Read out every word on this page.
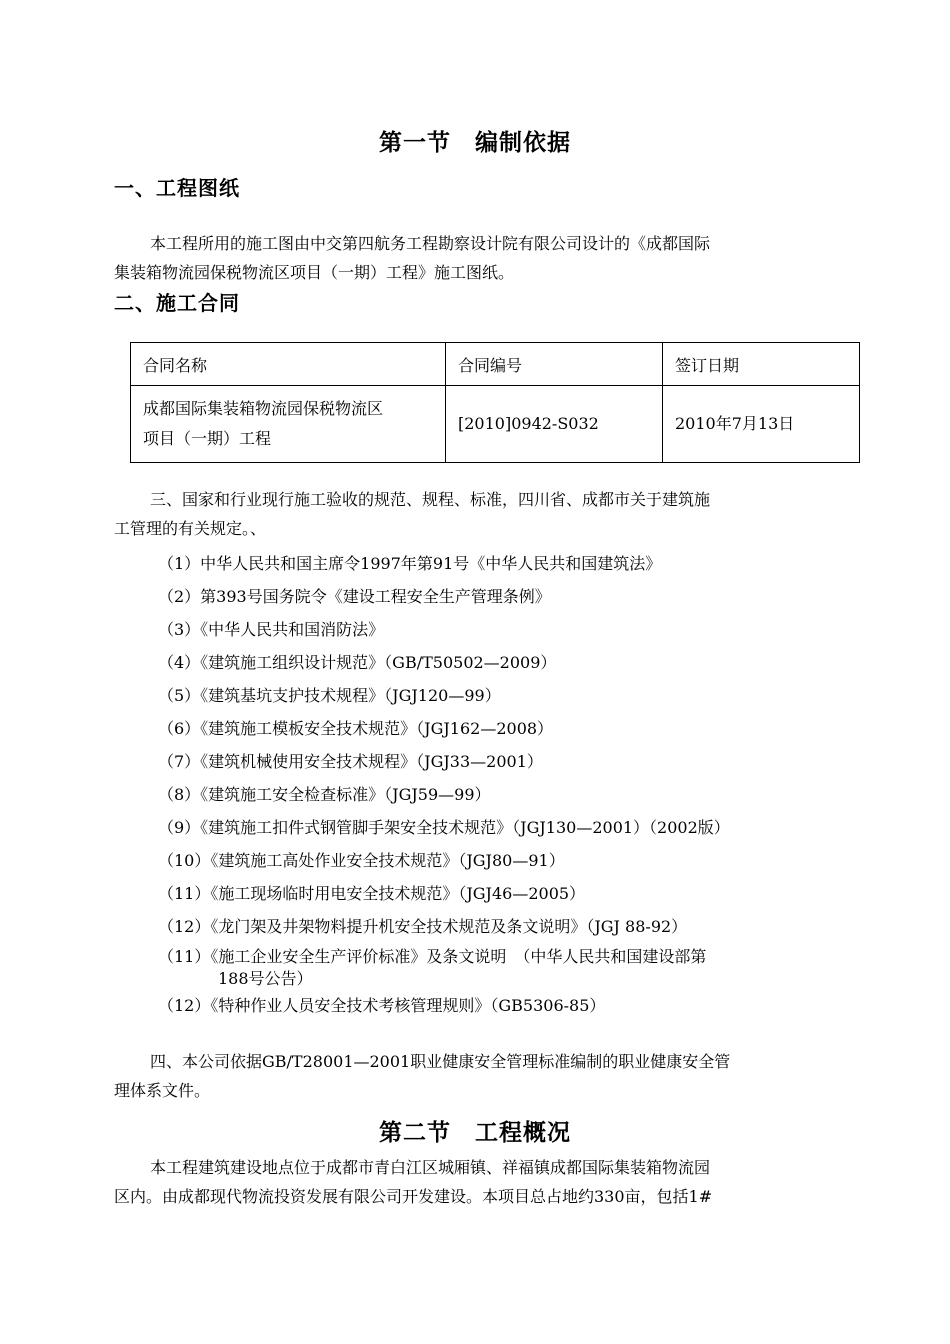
第一节　编制依据
一、工程图纸
本工程所用的施工图由中交第四航务工程勘察设计院有限公司设计的《成都国际
集装箱物流园保税物流区项目（一期）工程》施工图纸。
二、施工合同
合同名称	合同编号	签订日期

成都国际集装箱物流园保税物流区
项目（一期）工程	[2010]0942-S032	2010年7月13日
三、国家和行业现行施工验收的规范、规程、标准，四川省、成都市关于建筑施
工管理的有关规定。、
（1）中华人民共和国主席令1997年第91号《中华人民共和国建筑法》
（2）第393号国务院令《建设工程安全生产管理条例》
（3）《中华人民共和国消防法》
（4）《建筑施工组织设计规范》（GB/T50502—2009）
（5）《建筑基坑支护技术规程》（JGJ120—99）
（6）《建筑施工模板安全技术规范》（JGJ162—2008）
（7）《建筑机械使用安全技术规程》（JGJ33—2001）
（8）《建筑施工安全检查标准》（JGJ59—99）
（9）《建筑施工扣件式钢管脚手架安全技术规范》（JGJ130—2001）（2002版）
（10）《建筑施工高处作业安全技术规范》（JGJ80—91）
（11）《施工现场临时用电安全技术规范》（JGJ46—2005）
（12）《龙门架及井架物料提升机安全技术规范及条文说明》（JGJ 88-92）
（11）《施工企业安全生产评价标准》及条文说明　（中华人民共和国建设部第
188号公告）
（12）《特种作业人员安全技术考核管理规则》（GB5306-85）
四、本公司依据GB/T28001—2001职业健康安全管理标准编制的职业健康安全管
理体系文件。
第二节　工程概况
本工程建筑建设地点位于成都市青白江区城厢镇、祥福镇成都国际集装箱物流园
区内。由成都现代物流投资发展有限公司开发建设。本项目总占地约330亩，包括1#
